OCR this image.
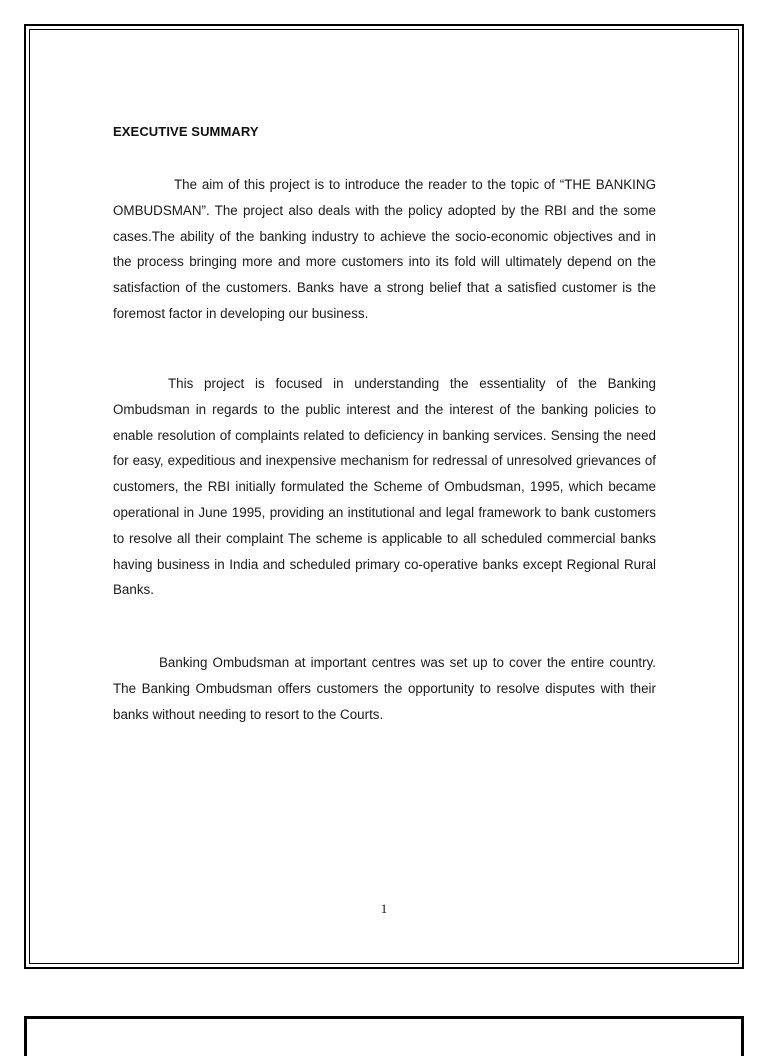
EXECUTIVE SUMMARY

The aim of this project is to introduce the reader to the topic of “THE BANKING OMBUDSMAN”. The project also deals with the policy adopted by the RBI and the some cases.The ability of the banking industry to achieve the socio-economic objectives and in the process bringing more and more customers into its fold will ultimately depend on the satisfaction of the customers. Banks have a strong belief that a satisfied customer is the foremost factor in developing our business.

This project is focused in understanding the essentiality of the Banking Ombudsman in regards to the public interest and the interest of the banking policies to enable resolution of complaints related to deficiency in banking services. Sensing the need for easy, expeditious and inexpensive mechanism for redressal of unresolved grievances of customers, the RBI initially formulated the Scheme of Ombudsman, 1995, which became operational in June 1995, providing an institutional and legal framework to bank customers to resolve all their complaint The scheme is applicable to all scheduled commercial banks having business in India and scheduled primary co-operative banks except Regional Rural Banks.

Banking Ombudsman at important centres was set up to cover the entire country. The Banking Ombudsman offers customers the opportunity to resolve disputes with their banks without needing to resort to the Courts.

1
